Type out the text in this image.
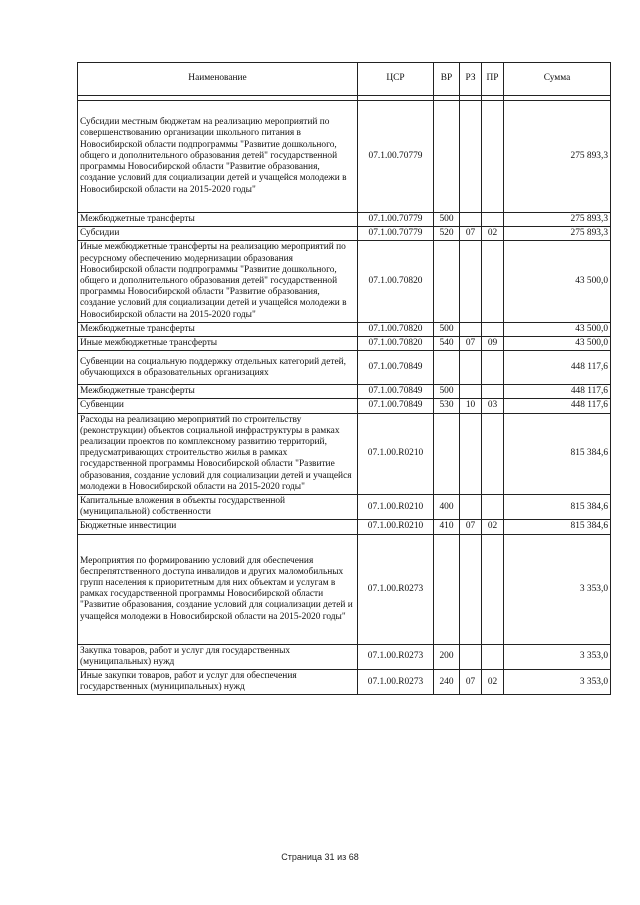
Наименование	ЦСР	ВР	РЗ	ПР	Сумма

Субсидии местным бюджетам на реализацию мероприятий по совершенствованию организации школьного питания в Новосибирской области подпрограммы "Развитие дошкольного, общего и дополнительного образования детей" государственной программы Новосибирской области "Развитие образования, создание условий для социализации детей и учащейся молодежи в Новосибирской области на 2015-2020 годы"	07.1.00.70779				275 893,3
Межбюджетные трансферты	07.1.00.70779	500			275 893,3
Субсидии	07.1.00.70779	520	07	02	275 893,3
Иные межбюджетные трансферты на реализацию мероприятий по ресурсному обеспечению модернизации образования Новосибирской области подпрограммы "Развитие дошкольного, общего и дополнительного образования детей" государственной программы Новосибирской области "Развитие образования, создание условий для социализации детей и учащейся молодежи в Новосибирской области на 2015-2020 годы"	07.1.00.70820				43 500,0
Межбюджетные трансферты	07.1.00.70820	500			43 500,0
Иные межбюджетные трансферты	07.1.00.70820	540	07	09	43 500,0
Субвенции на социальную поддержку отдельных категорий детей, обучающихся в образовательных организациях	07.1.00.70849				448 117,6
Межбюджетные трансферты	07.1.00.70849	500			448 117,6
Субвенции	07.1.00.70849	530	10	03	448 117,6
Расходы на реализацию мероприятий по строительству (реконструкции) объектов социальной инфраструктуры в рамках реализации проектов по комплексному развитию территорий, предусматривающих строительство жилья в рамках государственной программы Новосибирской области "Развитие образования, создание условий для социализации детей и учащейся молодежи в Новосибирской области на 2015-2020 годы"	07.1.00.R0210				815 384,6
Капитальные вложения в объекты государственной (муниципальной) собственности	07.1.00.R0210	400			815 384,6
Бюджетные инвестиции	07.1.00.R0210	410	07	02	815 384,6
Мероприятия по формированию условий для обеспечения беспрепятственного доступа инвалидов и других маломобильных групп населения к приоритетным для них объектам и услугам в рамках государственной программы Новосибирской области "Развитие образования, создание условий для социализации детей и учащейся молодежи в Новосибирской области на 2015-2020 годы"	07.1.00.R0273				3 353,0
Закупка товаров, работ и услуг для государственных (муниципальных) нужд	07.1.00.R0273	200			3 353,0
Иные закупки товаров, работ и услуг для обеспечения государственных (муниципальных) нужд	07.1.00.R0273	240	07	02	3 353,0
Страница 31 из 68
